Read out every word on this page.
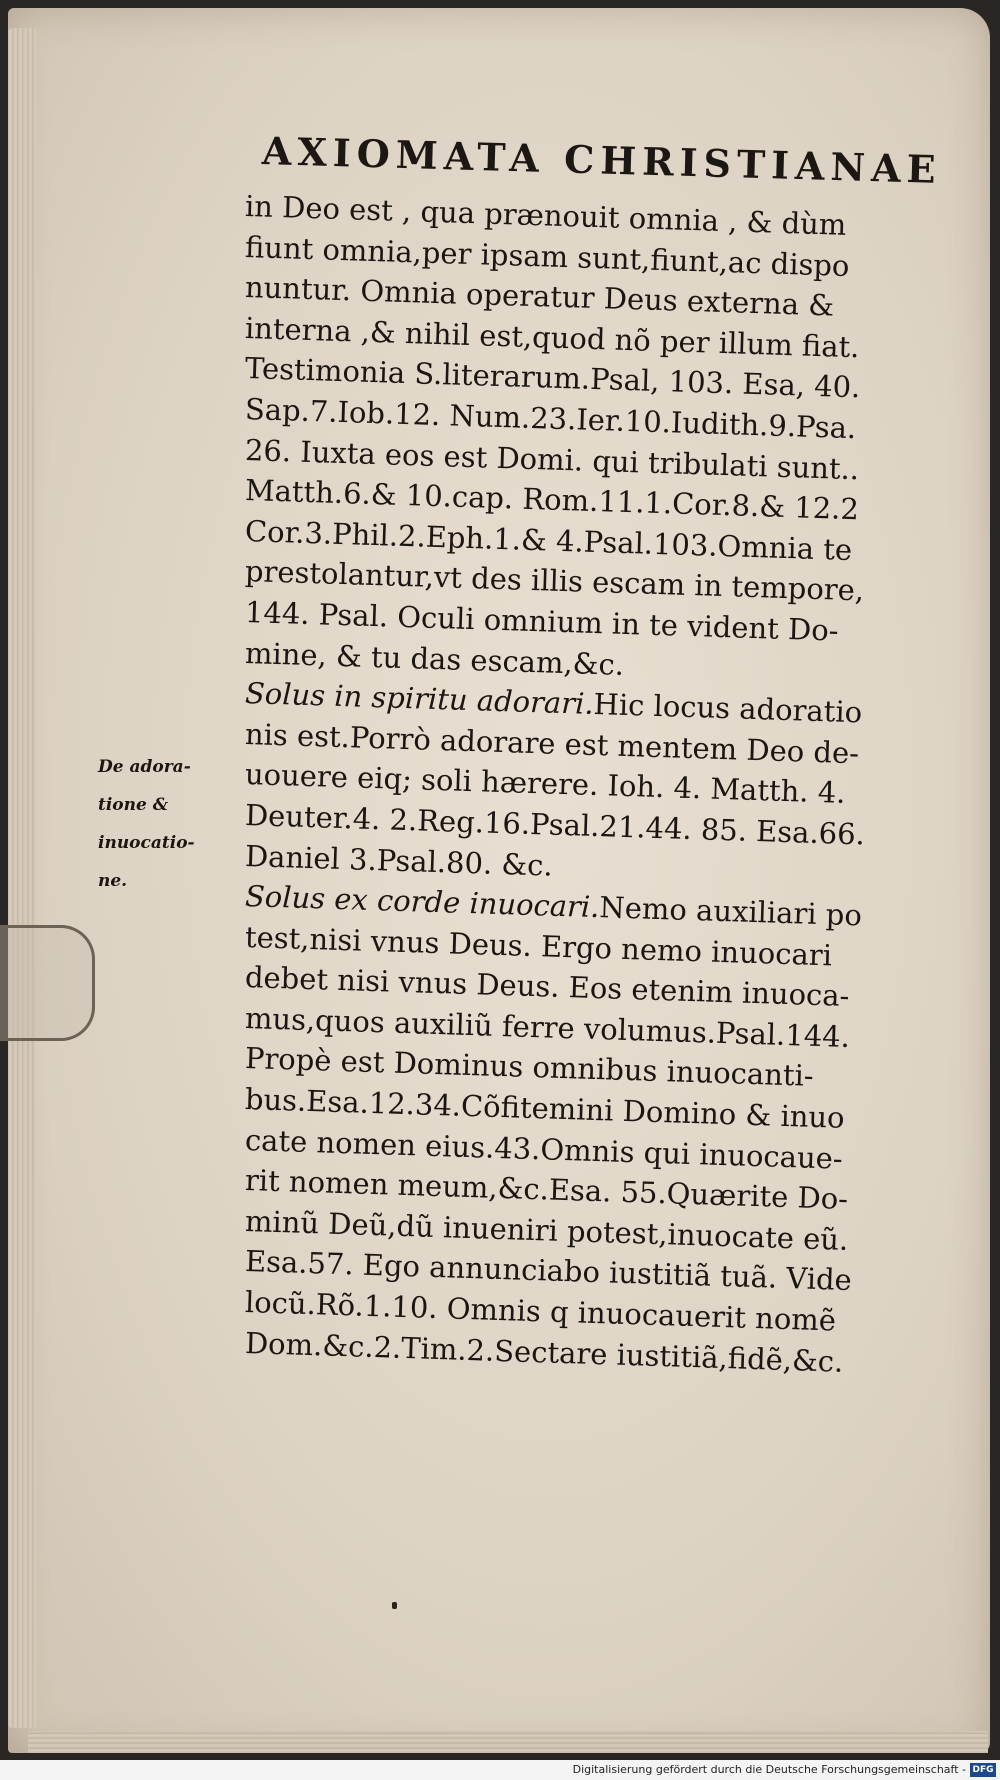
AXIOMATA CHRISTIANAE
in Deo est , qua prænouit omnia , & dùm
fiunt omnia,per ipsam sunt,fiunt,ac dispo
nuntur. Omnia operatur Deus externa &
interna ,& nihil est,quod nõ per illum fiat.
Testimonia S.literarum.Psal, 103. Esa, 40.
Sap.7.Iob.12. Num.23.Ier.10.Iudith.9.Psa.
26. Iuxta eos est Domi. qui tribulati sunt..
Matth.6.& 10.cap. Rom.11.1.Cor.8.& 12.2
Cor.3.Phil.2.Eph.1.& 4.Psal.103.Omnia te
prestolantur,vt des illis escam in tempore,
144. Psal. Oculi omnium in te vident Do-
mine, & tu das escam,&c.
Solus in spiritu adorari.Hic locus adoratio
nis est.Porrò adorare est mentem Deo de-
uouere eiq; soli hærere. Ioh. 4. Matth. 4.
Deuter.4. 2.Reg.16.Psal.21.44. 85. Esa.66.
Daniel 3.Psal.80. &c.
Solus ex corde inuocari.Nemo auxiliari po
test,nisi vnus Deus. Ergo nemo inuocari
debet nisi vnus Deus. Eos etenim inuoca-
mus,quos auxiliũ ferre volumus.Psal.144.
Propè est Dominus omnibus inuocanti-
bus.Esa.12.34.Cõfitemini Domino & inuo
cate nomen eius.43.Omnis qui inuocaue-
rit nomen meum,&c.Esa. 55.Quærite Do-
minũ Deũ,dũ inueniri potest,inuocate eũ.
Esa.57. Ego annunciabo iustitiã tuã. Vide
locũ.Rõ.1.10. Omnis q inuocauerit nomẽ
Dom.&c.2.Tim.2.Sectare iustitiã,fidẽ,&c.
De adora-
tione &
inuocatio-
ne.
Digitalisierung gefördert durch die Deutsche Forschungsgemeinschaft - DFG
